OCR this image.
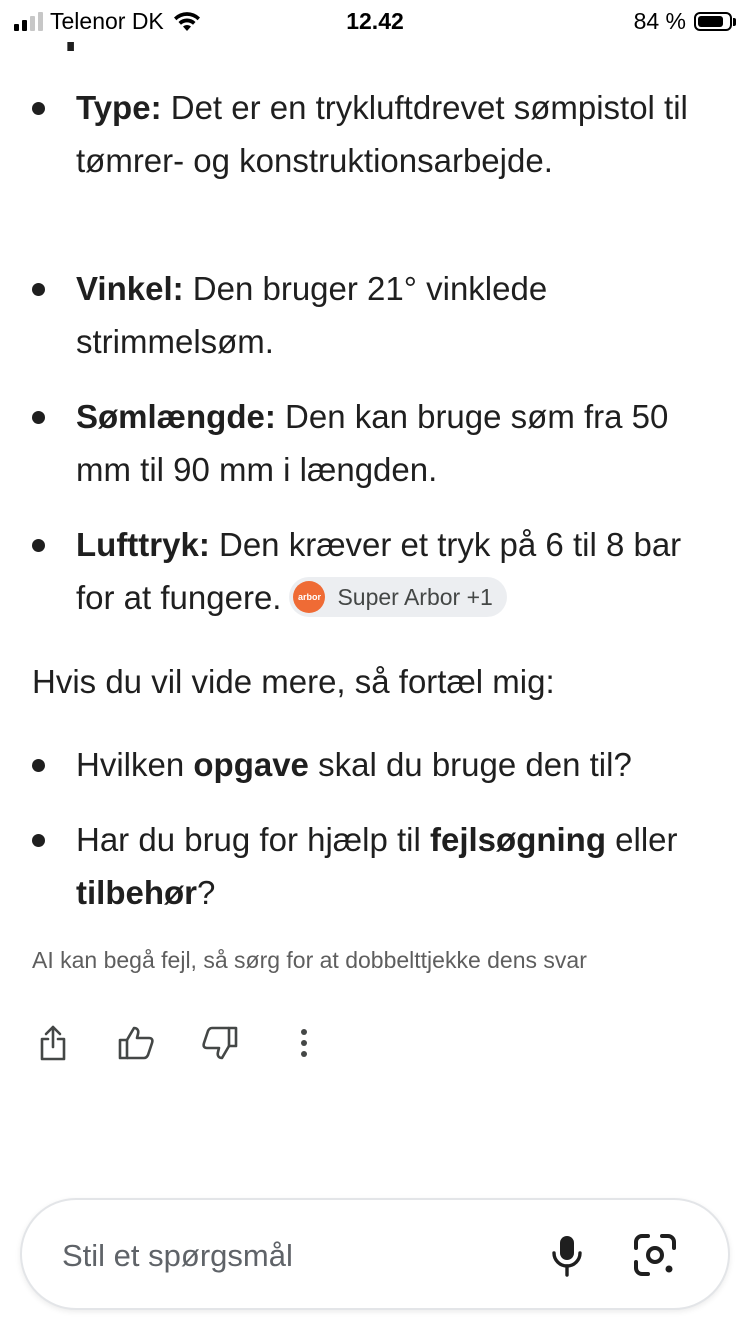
Telenor DK	12.42	84 %
Type: Det er en trykluftdrevet sømpistol til tømrer- og konstruktionsarbejde.
Vinkel: Den bruger 21° vinklede strimmelsøm.
Sømlængde: Den kan bruge søm fra 50 mm til 90 mm i længden.
Lufttryk: Den kræver et tryk på 6 til 8 bar for at fungere.	arbor Super Arbor +1
Hvis du vil vide mere, så fortæl mig:
Hvilken opgave skal du bruge den til?
Har du brug for hjælp til fejlsøgning eller tilbehør?
AI kan begå fejl, så sørg for at dobbelttjekke dens svar
Stil et spørgsmål
